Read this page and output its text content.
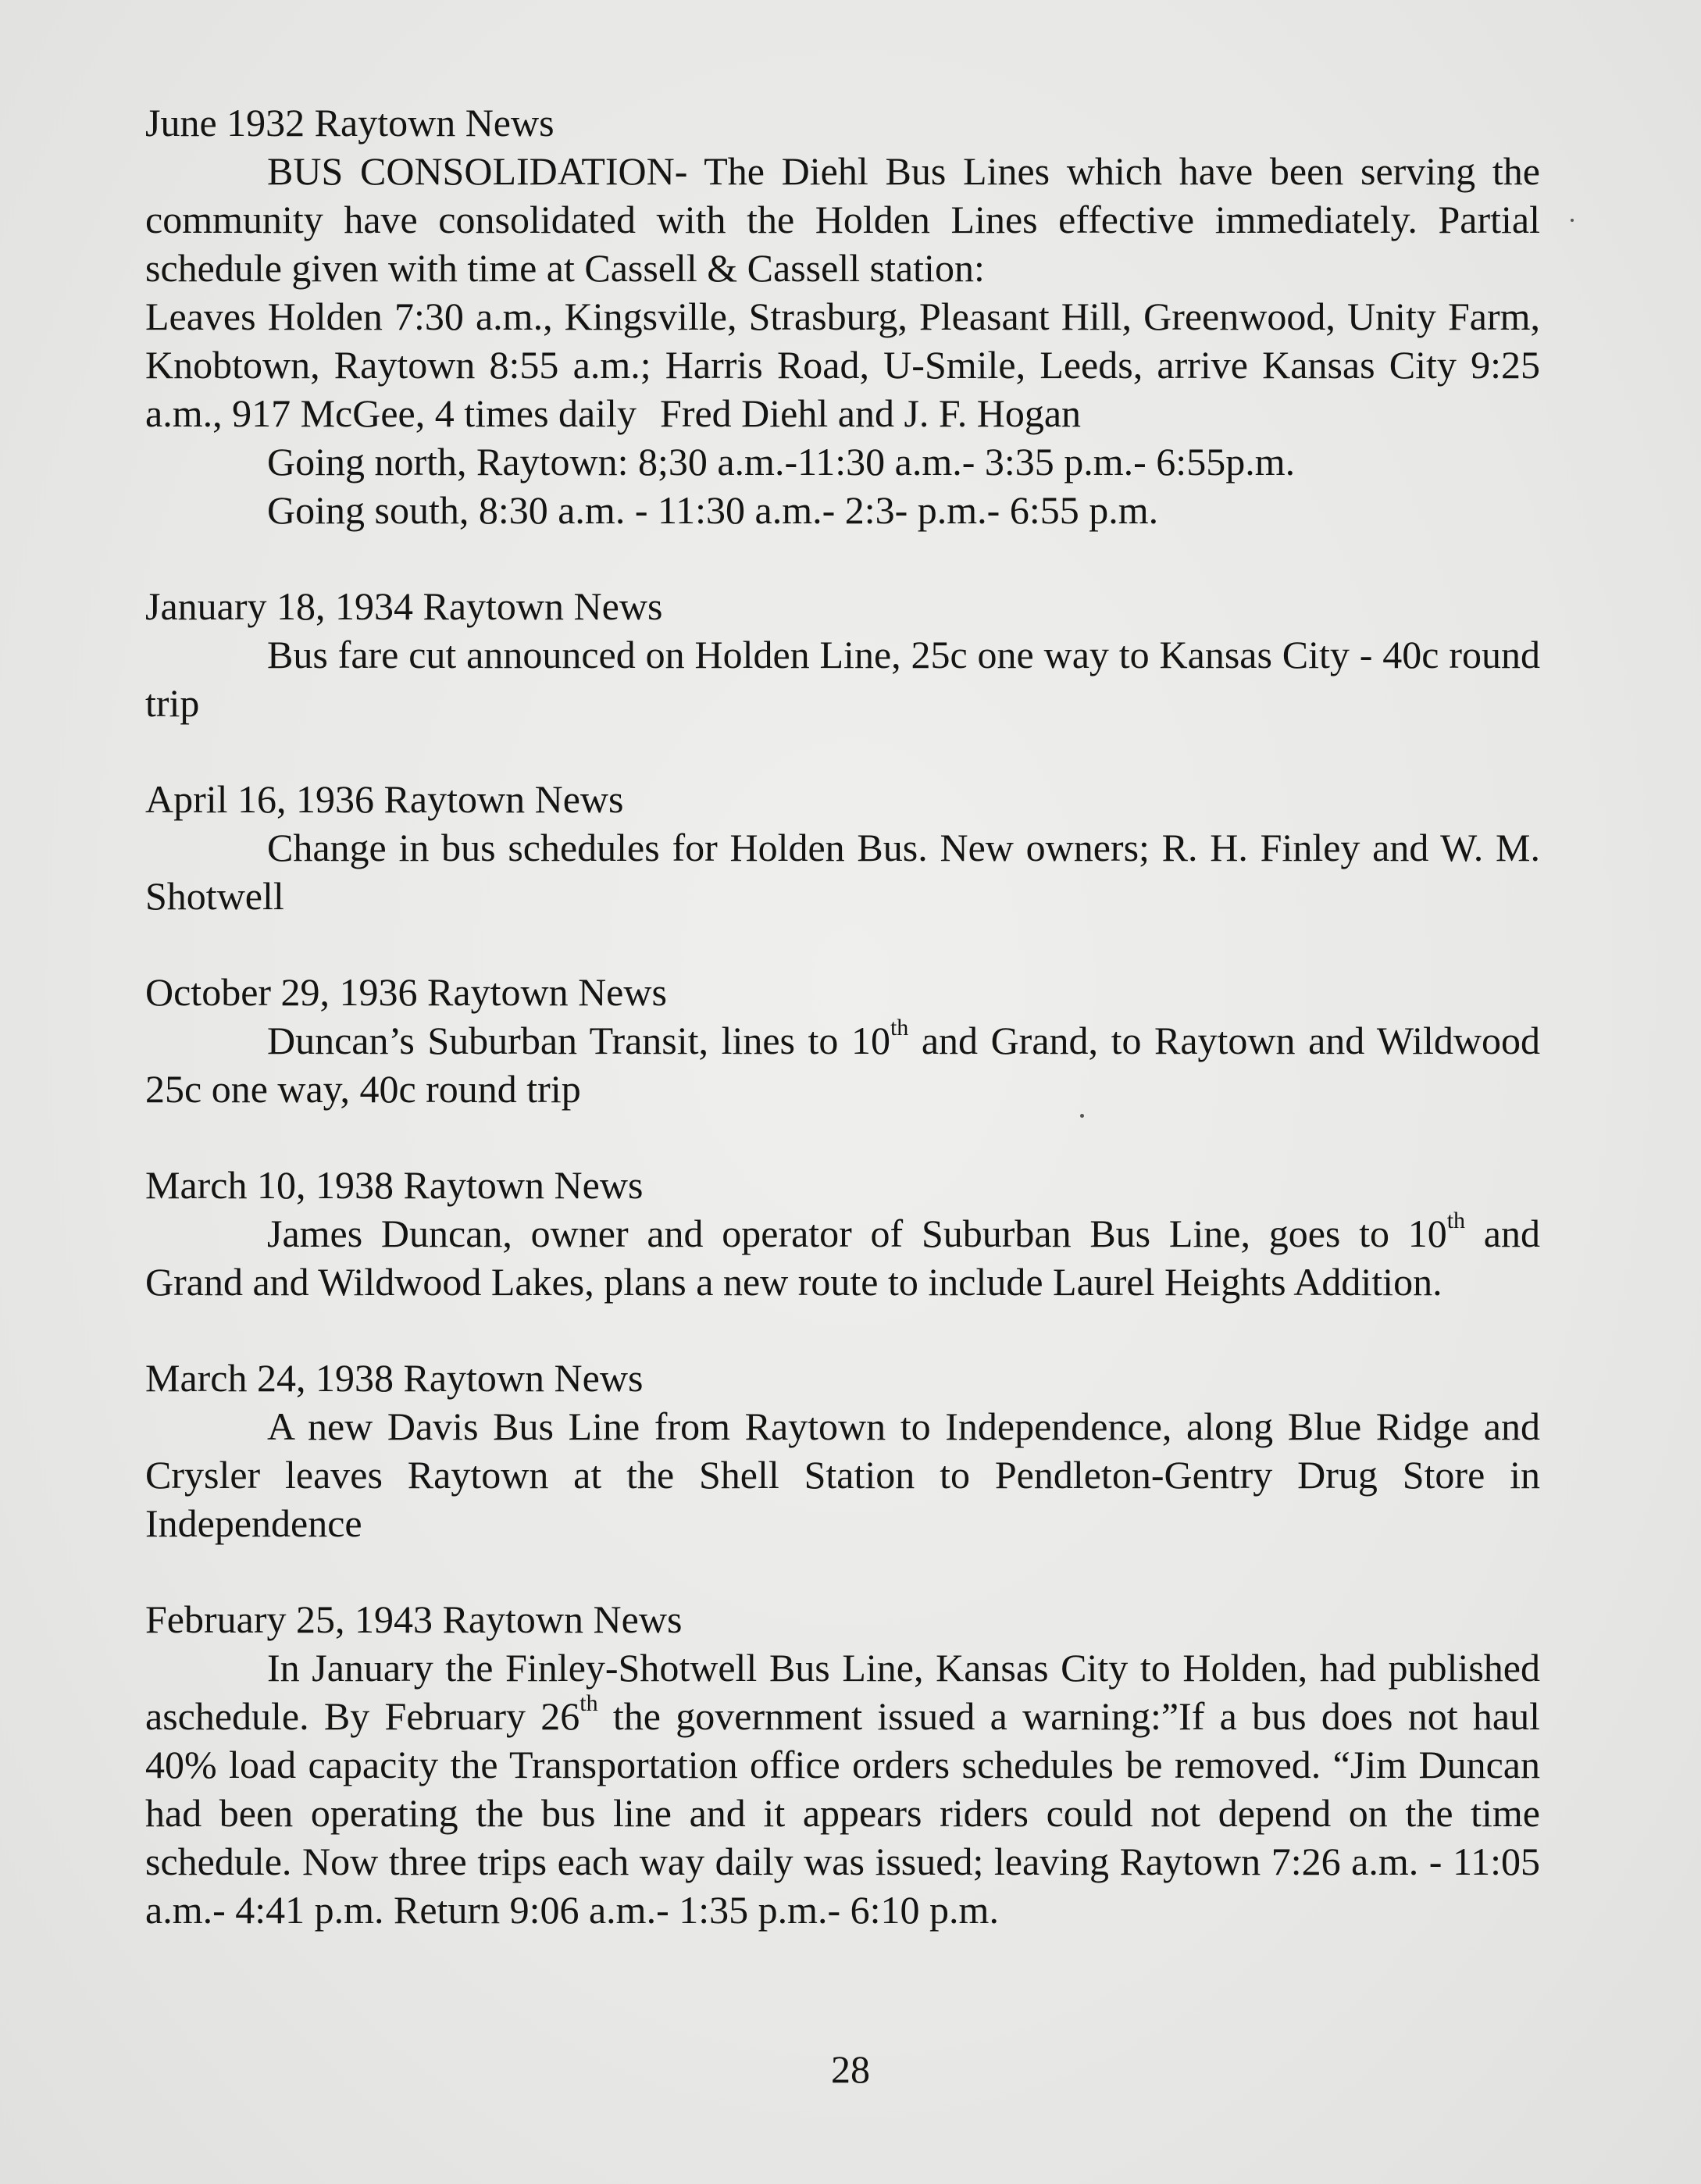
June 1932 Raytown News

BUS CONSOLIDATION- The Diehl Bus Lines which have been serving the

community have consolidated with the Holden Lines effective immediately. Partial

schedule given with time at Cassell & Cassell station:

Leaves Holden 7:30 a.m., Kingsville, Strasburg, Pleasant Hill, Greenwood, Unity Farm,

Knobtown, Raytown 8:55 a.m.; Harris Road, U-Smile, Leeds, arrive Kansas City 9:25

a.m., 917 McGee, 4 times daily Fred Diehl and J. F. Hogan

Going north, Raytown: 8;30 a.m.-11:30 a.m.- 3:35 p.m.- 6:55p.m.

Going south, 8:30 a.m. - 11:30 a.m.- 2:3- p.m.- 6:55 p.m.

January 18, 1934 Raytown News

Bus fare cut announced on Holden Line, 25c one way to Kansas City - 40c round trip

April 16, 1936 Raytown News

Change in bus schedules for Holden Bus. New owners; R. H. Finley and W. M. Shotwell

October 29, 1936 Raytown News

Duncan’s Suburban Transit, lines to 10th and Grand, to Raytown and Wildwood 25c one way, 40c round trip

March 10, 1938 Raytown News

James Duncan, owner and operator of Suburban Bus Line, goes to 10th and Grand and Wildwood Lakes, plans a new route to include Laurel Heights Addition.

March 24, 1938 Raytown News

A new Davis Bus Line from Raytown to Independence, along Blue Ridge and Crysler leaves Raytown at the Shell Station to Pendleton-Gentry Drug Store in Independence

February 25, 1943 Raytown News

In January the Finley-Shotwell Bus Line, Kansas City to Holden, had published aschedule. By February 26th the government issued a warning:”If a bus does not haul 40% load capacity the Transportation office orders schedules be removed. “Jim Duncan had been operating the bus line and it appears riders could not depend on the time schedule. Now three trips each way daily was issued; leaving Raytown 7:26 a.m. - 11:05 a.m.- 4:41 p.m. Return 9:06 a.m.- 1:35 p.m.- 6:10 p.m.

28
